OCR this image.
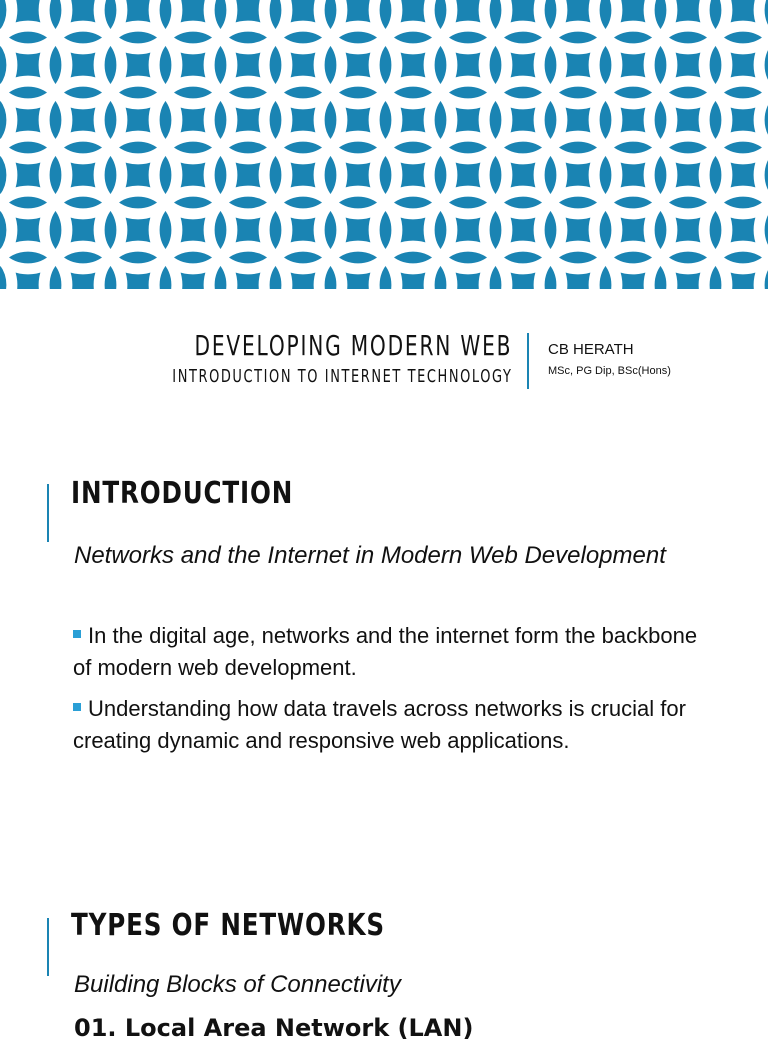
DEVELOPING MODERN WEB
INTRODUCTION TO INTERNET TECHNOLOGY
CB HERATH
MSc, PG Dip, BSc(Hons)
INTRODUCTION
Networks and the Internet in Modern Web Development
In the digital age, networks and the internet form the backbone of modern web development.
Understanding how data travels across networks is crucial for creating dynamic and responsive web applications.
TYPES OF NETWORKS
Building Blocks of Connectivity
01. Local Area Network (LAN)
